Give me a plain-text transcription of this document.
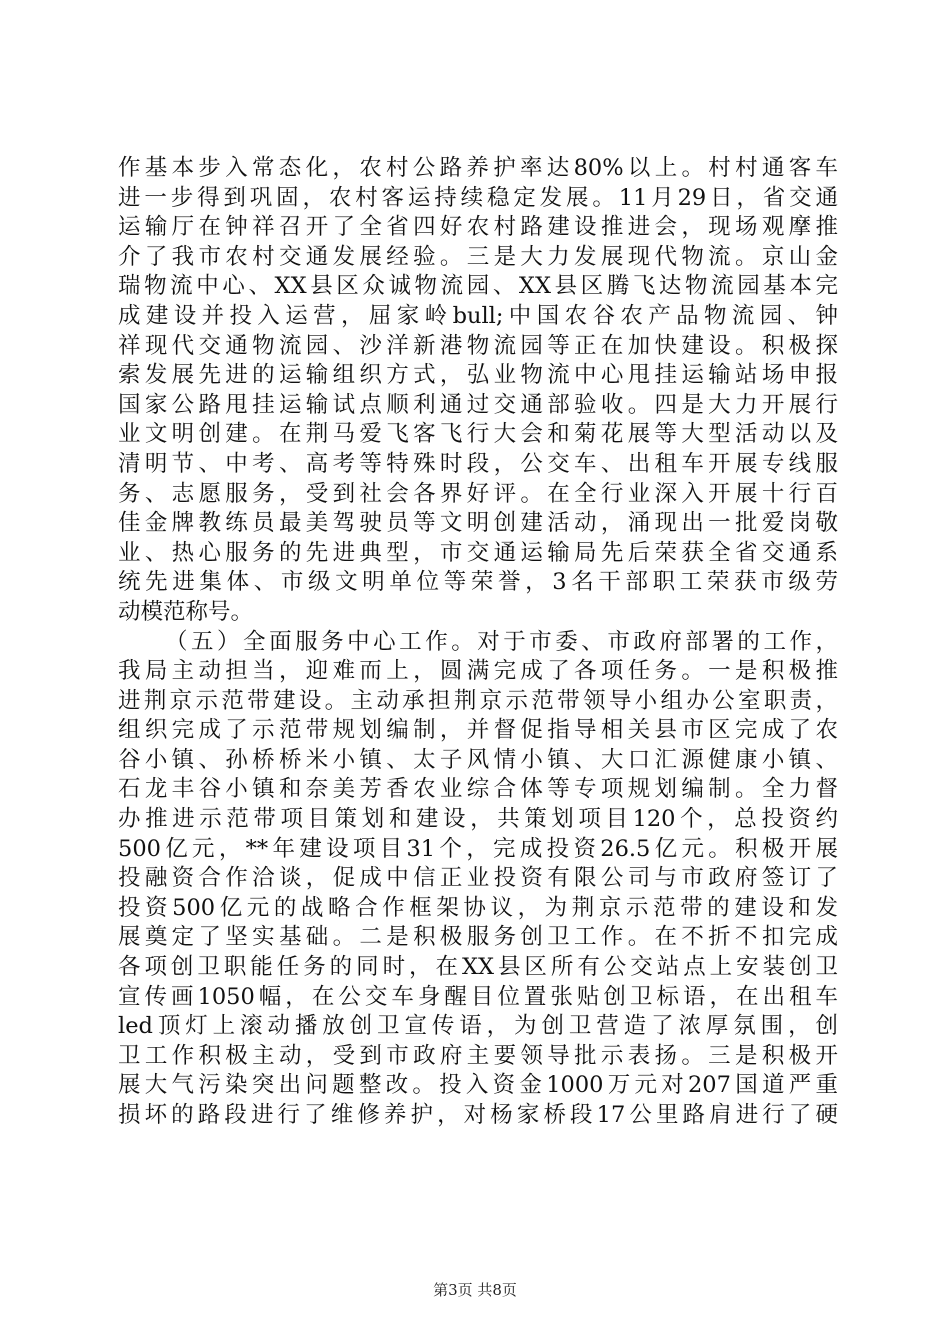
作基本步入常态化，农村公路养护率达80%以上。村村通客车
进一步得到巩固，农村客运持续稳定发展。11月29日，省交通
运输厅在钟祥召开了全省四好农村路建设推进会，现场观摩推
介了我市农村交通发展经验。三是大力发展现代物流。京山金
瑞物流中心、XX县区众诚物流园、XX县区腾飞达物流园基本完
成建设并投入运营，屈家岭bull;中国农谷农产品物流园、钟
祥现代交通物流园、沙洋新港物流园等正在加快建设。积极探
索发展先进的运输组织方式，弘业物流中心甩挂运输站场申报
国家公路甩挂运输试点顺利通过交通部验收。四是大力开展行
业文明创建。在荆马爱飞客飞行大会和菊花展等大型活动以及
清明节、中考、高考等特殊时段，公交车、出租车开展专线服
务、志愿服务，受到社会各界好评。在全行业深入开展十行百
佳金牌教练员最美驾驶员等文明创建活动，涌现出一批爱岗敬
业、热心服务的先进典型，市交通运输局先后荣获全省交通系
统先进集体、市级文明单位等荣誉，3名干部职工荣获市级劳
动模范称号。
（五）全面服务中心工作。对于市委、市政府部署的工作，
我局主动担当，迎难而上，圆满完成了各项任务。一是积极推
进荆京示范带建设。主动承担荆京示范带领导小组办公室职责，
组织完成了示范带规划编制，并督促指导相关县市区完成了农
谷小镇、孙桥桥米小镇、太子风情小镇、大口汇源健康小镇、
石龙丰谷小镇和奈美芳香农业综合体等专项规划编制。全力督
办推进示范带项目策划和建设，共策划项目120个，总投资约
500亿元，**年建设项目31个，完成投资26.5亿元。积极开展
投融资合作洽谈，促成中信正业投资有限公司与市政府签订了
投资500亿元的战略合作框架协议，为荆京示范带的建设和发
展奠定了坚实基础。二是积极服务创卫工作。在不折不扣完成
各项创卫职能任务的同时，在XX县区所有公交站点上安装创卫
宣传画1050幅，在公交车身醒目位置张贴创卫标语，在出租车
led顶灯上滚动播放创卫宣传语，为创卫营造了浓厚氛围，创
卫工作积极主动，受到市政府主要领导批示表扬。三是积极开
展大气污染突出问题整改。投入资金1000万元对207国道严重
损坏的路段进行了维修养护，对杨家桥段17公里路肩进行了硬
第3页 共8页
